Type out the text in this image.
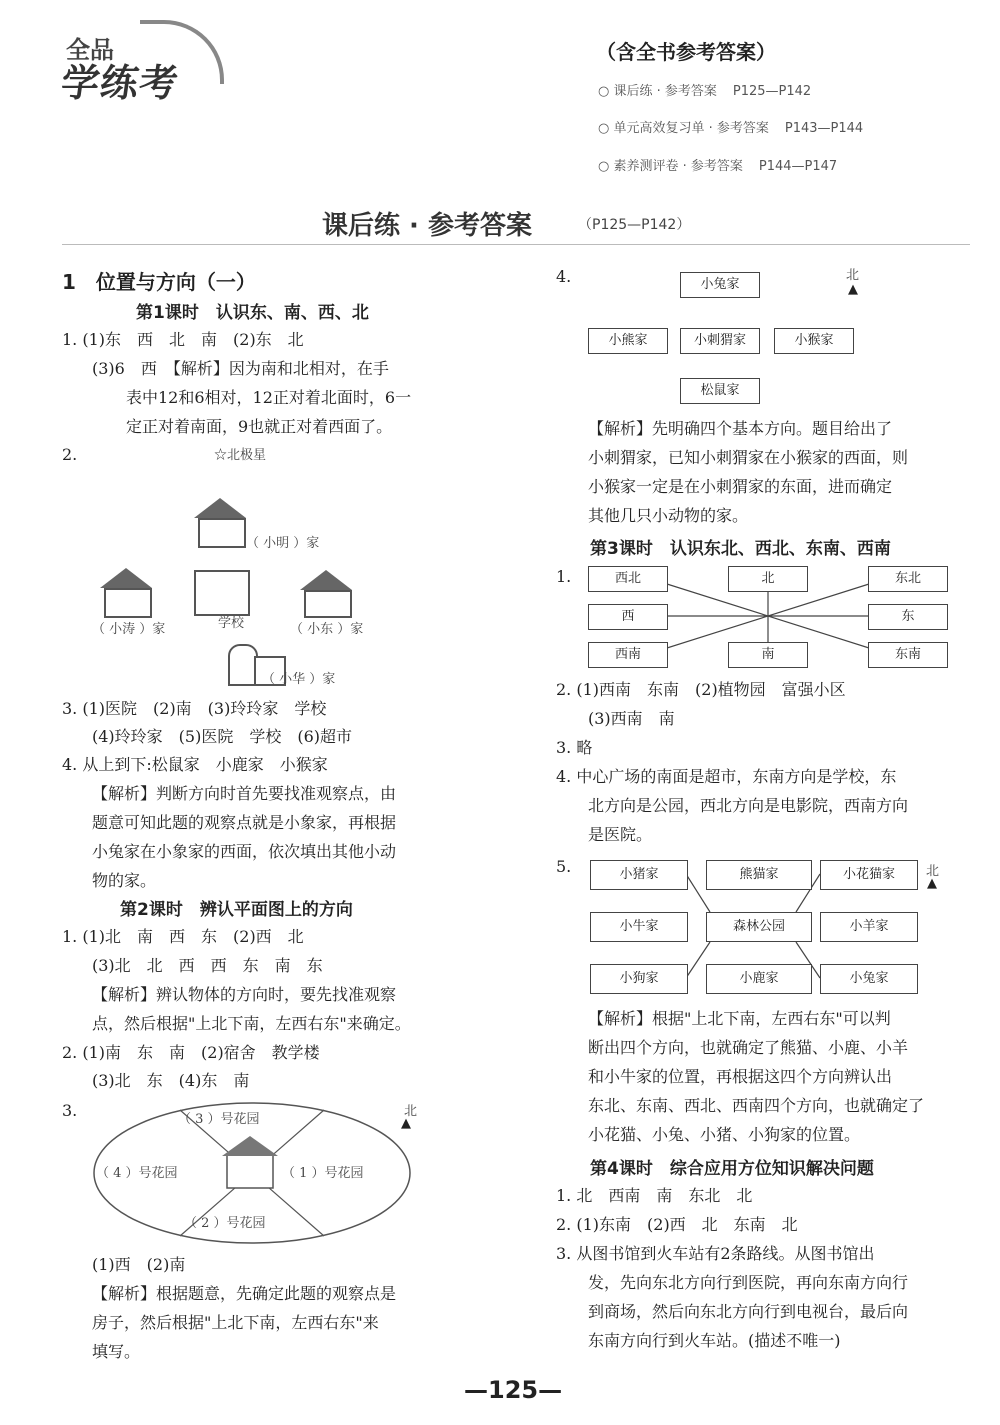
全品
学练考
（含全书参考答案）
○ 课后练 · 参考答案 P125—P142
○ 单元高效复习单 · 参考答案 P143—P144
○ 素养测评卷 · 参考答案 P144—P147
课后练 · 参考答案	（P125—P142）
1　位置与方向（一）
第1课时　认识东、南、西、北
1. (1)东　西　北　南　(2)东　北
(3)6　西　【解析】因为南和北相对，在手
表中12和6相对，12正对着北面时，6一
定正对着南面，9也就正对着西面了。
2.	☆北极星
（ 小明 ）家
（ 小涛 ）家	学校	（ 小东 ）家
（ 小华 ）家
3. (1)医院　(2)南　(3)玲玲家　学校
(4)玲玲家　(5)医院　学校　(6)超市
4. 从上到下:松鼠家　小鹿家　小猴家
【解析】判断方向时首先要找准观察点，由
题意可知此题的观察点就是小象家，再根据
小兔家在小象家的西面，依次填出其他小动
物的家。
第2课时　辨认平面图上的方向
1. (1)北　南　西　东　(2)西　北
(3)北　北　西　西　东　南　东
【解析】辨认物体的方向时，要先找准观察
点，然后根据"上北下南，左西右东"来确定。
2. (1)南　东　南　(2)宿舍　教学楼
(3)北　东　(4)东　南
3.	（ 3 ）号花园
（ 4 ）号花园	（ 1 ）号花园
（ 2 ）号花园
▲
北
(1)西　(2)南
【解析】根据题意，先确定此题的观察点是
房子，然后根据"上北下南，左西右东"来
填写。
4.	小兔家
北
▲
小熊家	小刺猬家	小猴家
松鼠家
【解析】先明确四个基本方向。题目给出了
小刺猬家，已知小刺猬家在小猴家的西面，则
小猴家一定是在小刺猬家的东面，进而确定
其他几只小动物的家。
第3课时　认识东北、西北、东南、西南
1.	西北	北	东北
西	东
西南	南	东南
2. (1)西南　东南　(2)植物园　富强小区
(3)西南　南
3. 略
4. 中心广场的南面是超市，东南方向是学校，东
北方向是公园，西北方向是电影院，西南方向
是医院。
5.	小猪家	熊猫家	小花猫家	北
▲
小牛家	森林公园	小羊家
小狗家	小鹿家	小兔家
【解析】根据"上北下南，左西右东"可以判
断出四个方向，也就确定了熊猫、小鹿、小羊
和小牛家的位置，再根据这四个方向辨认出
东北、东南、西北、西南四个方向，也就确定了
小花猫、小兔、小猪、小狗家的位置。
第4课时　综合应用方位知识解决问题
1. 北　西南　南　东北　北
2. (1)东南　(2)西　北　东南　北
3. 从图书馆到火车站有2条路线。从图书馆出
发，先向东北方向行到医院，再向东南方向行
到商场，然后向东北方向行到电视台，最后向
东南方向行到火车站。(描述不唯一)
—125—
